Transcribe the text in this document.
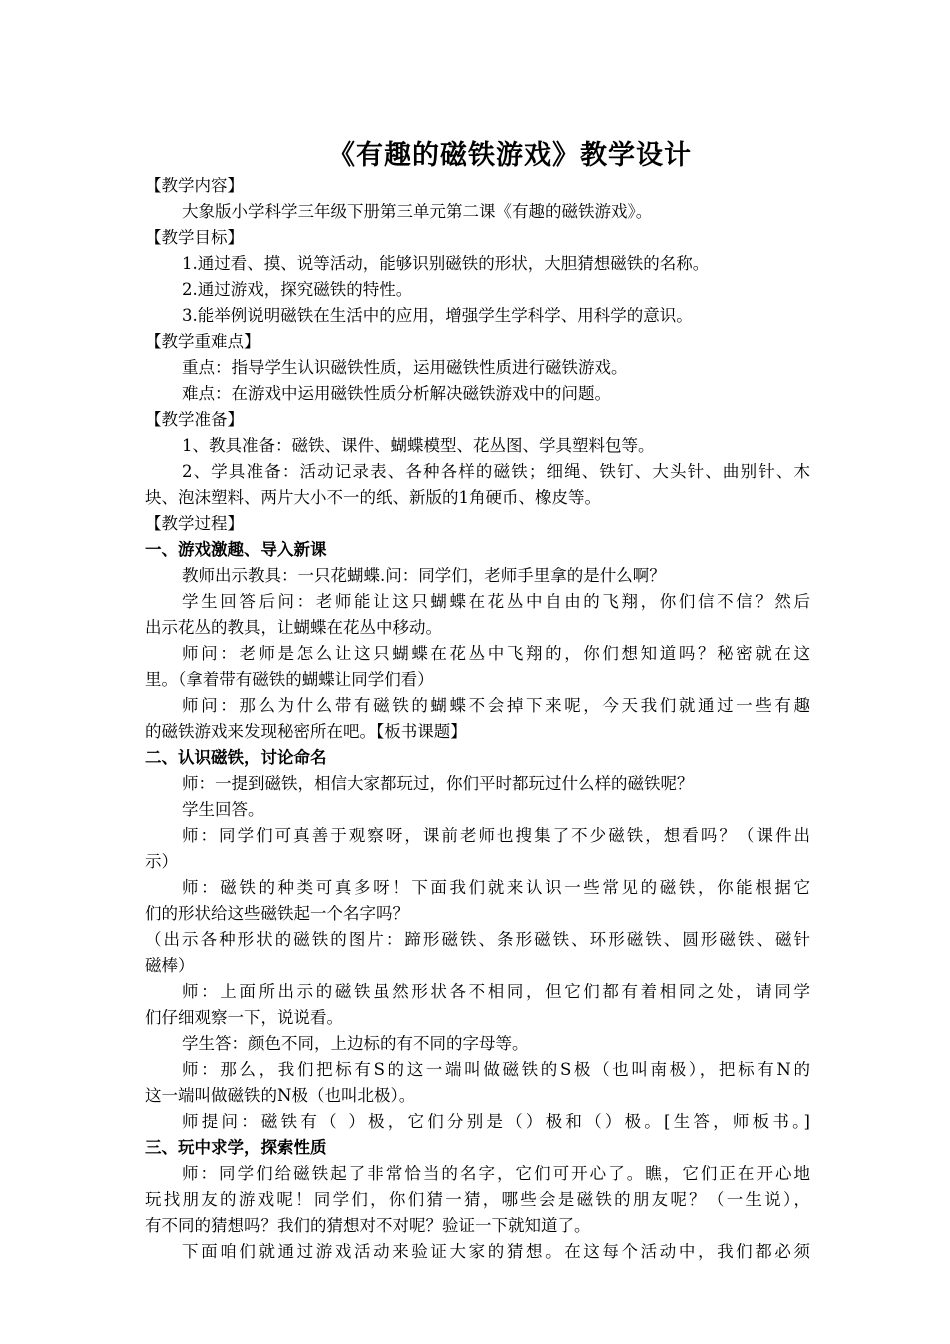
《有趣的磁铁游戏》教学设计
【教学内容】
大象版小学科学三年级下册第三单元第二课《有趣的磁铁游戏》。
【教学目标】
1.通过看、摸、说等活动，能够识别磁铁的形状，大胆猜想磁铁的名称。
2.通过游戏，探究磁铁的特性。
3.能举例说明磁铁在生活中的应用，增强学生学科学、用科学的意识。
【教学重难点】
重点：指导学生认识磁铁性质，运用磁铁性质进行磁铁游戏。
难点：在游戏中运用磁铁性质分析解决磁铁游戏中的问题。
【教学准备】
1、教具准备：磁铁、课件、蝴蝶模型、花丛图、学具塑料包等。
2、学具准备：活动记录表、各种各样的磁铁；细绳、铁钉、大头针、曲别针、木
块、泡沫塑料、两片大小不一的纸、新版的1角硬币、橡皮等。
【教学过程】
一、游戏激趣、导入新课
教师出示教具：一只花蝴蝶.问：同学们，老师手里拿的是什么啊？
学生回答后问：老师能让这只蝴蝶在花丛中自由的飞翔，你们信不信？然后
出示花丛的教具，让蝴蝶在花丛中移动。
师问：老师是怎么让这只蝴蝶在花丛中飞翔的，你们想知道吗？秘密就在这
里。（拿着带有磁铁的蝴蝶让同学们看）
师问：那么为什么带有磁铁的蝴蝶不会掉下来呢，今天我们就通过一些有趣
的磁铁游戏来发现秘密所在吧。【板书课题】
二、认识磁铁，讨论命名
师：一提到磁铁，相信大家都玩过，你们平时都玩过什么样的磁铁呢？
学生回答。
师：同学们可真善于观察呀，课前老师也搜集了不少磁铁，想看吗？（课件出
示）
师：磁铁的种类可真多呀！下面我们就来认识一些常见的磁铁，你能根据它
们的形状给这些磁铁起一个名字吗？
（出示各种形状的磁铁的图片：蹄形磁铁、条形磁铁、环形磁铁、圆形磁铁、磁针
磁棒）
师：上面所出示的磁铁虽然形状各不相同，但它们都有着相同之处，请同学
们仔细观察一下，说说看。
学生答：颜色不同，上边标的有不同的字母等。
师：那么，我们把标有S的这一端叫做磁铁的S极（也叫南极），把标有N的
这一端叫做磁铁的N极（也叫北极）。
师提问：磁铁有（ ）极，它们分别是（）极和（）极。[生答，师板书。]
三、玩中求学，探索性质
师：同学们给磁铁起了非常恰当的名字，它们可开心了。瞧，它们正在开心地
玩找朋友的游戏呢！同学们，你们猜一猜，哪些会是磁铁的朋友呢？（一生说），
有不同的猜想吗？我们的猜想对不对呢？验证一下就知道了。
下面咱们就通过游戏活动来验证大家的猜想。在这每个活动中，我们都必须
